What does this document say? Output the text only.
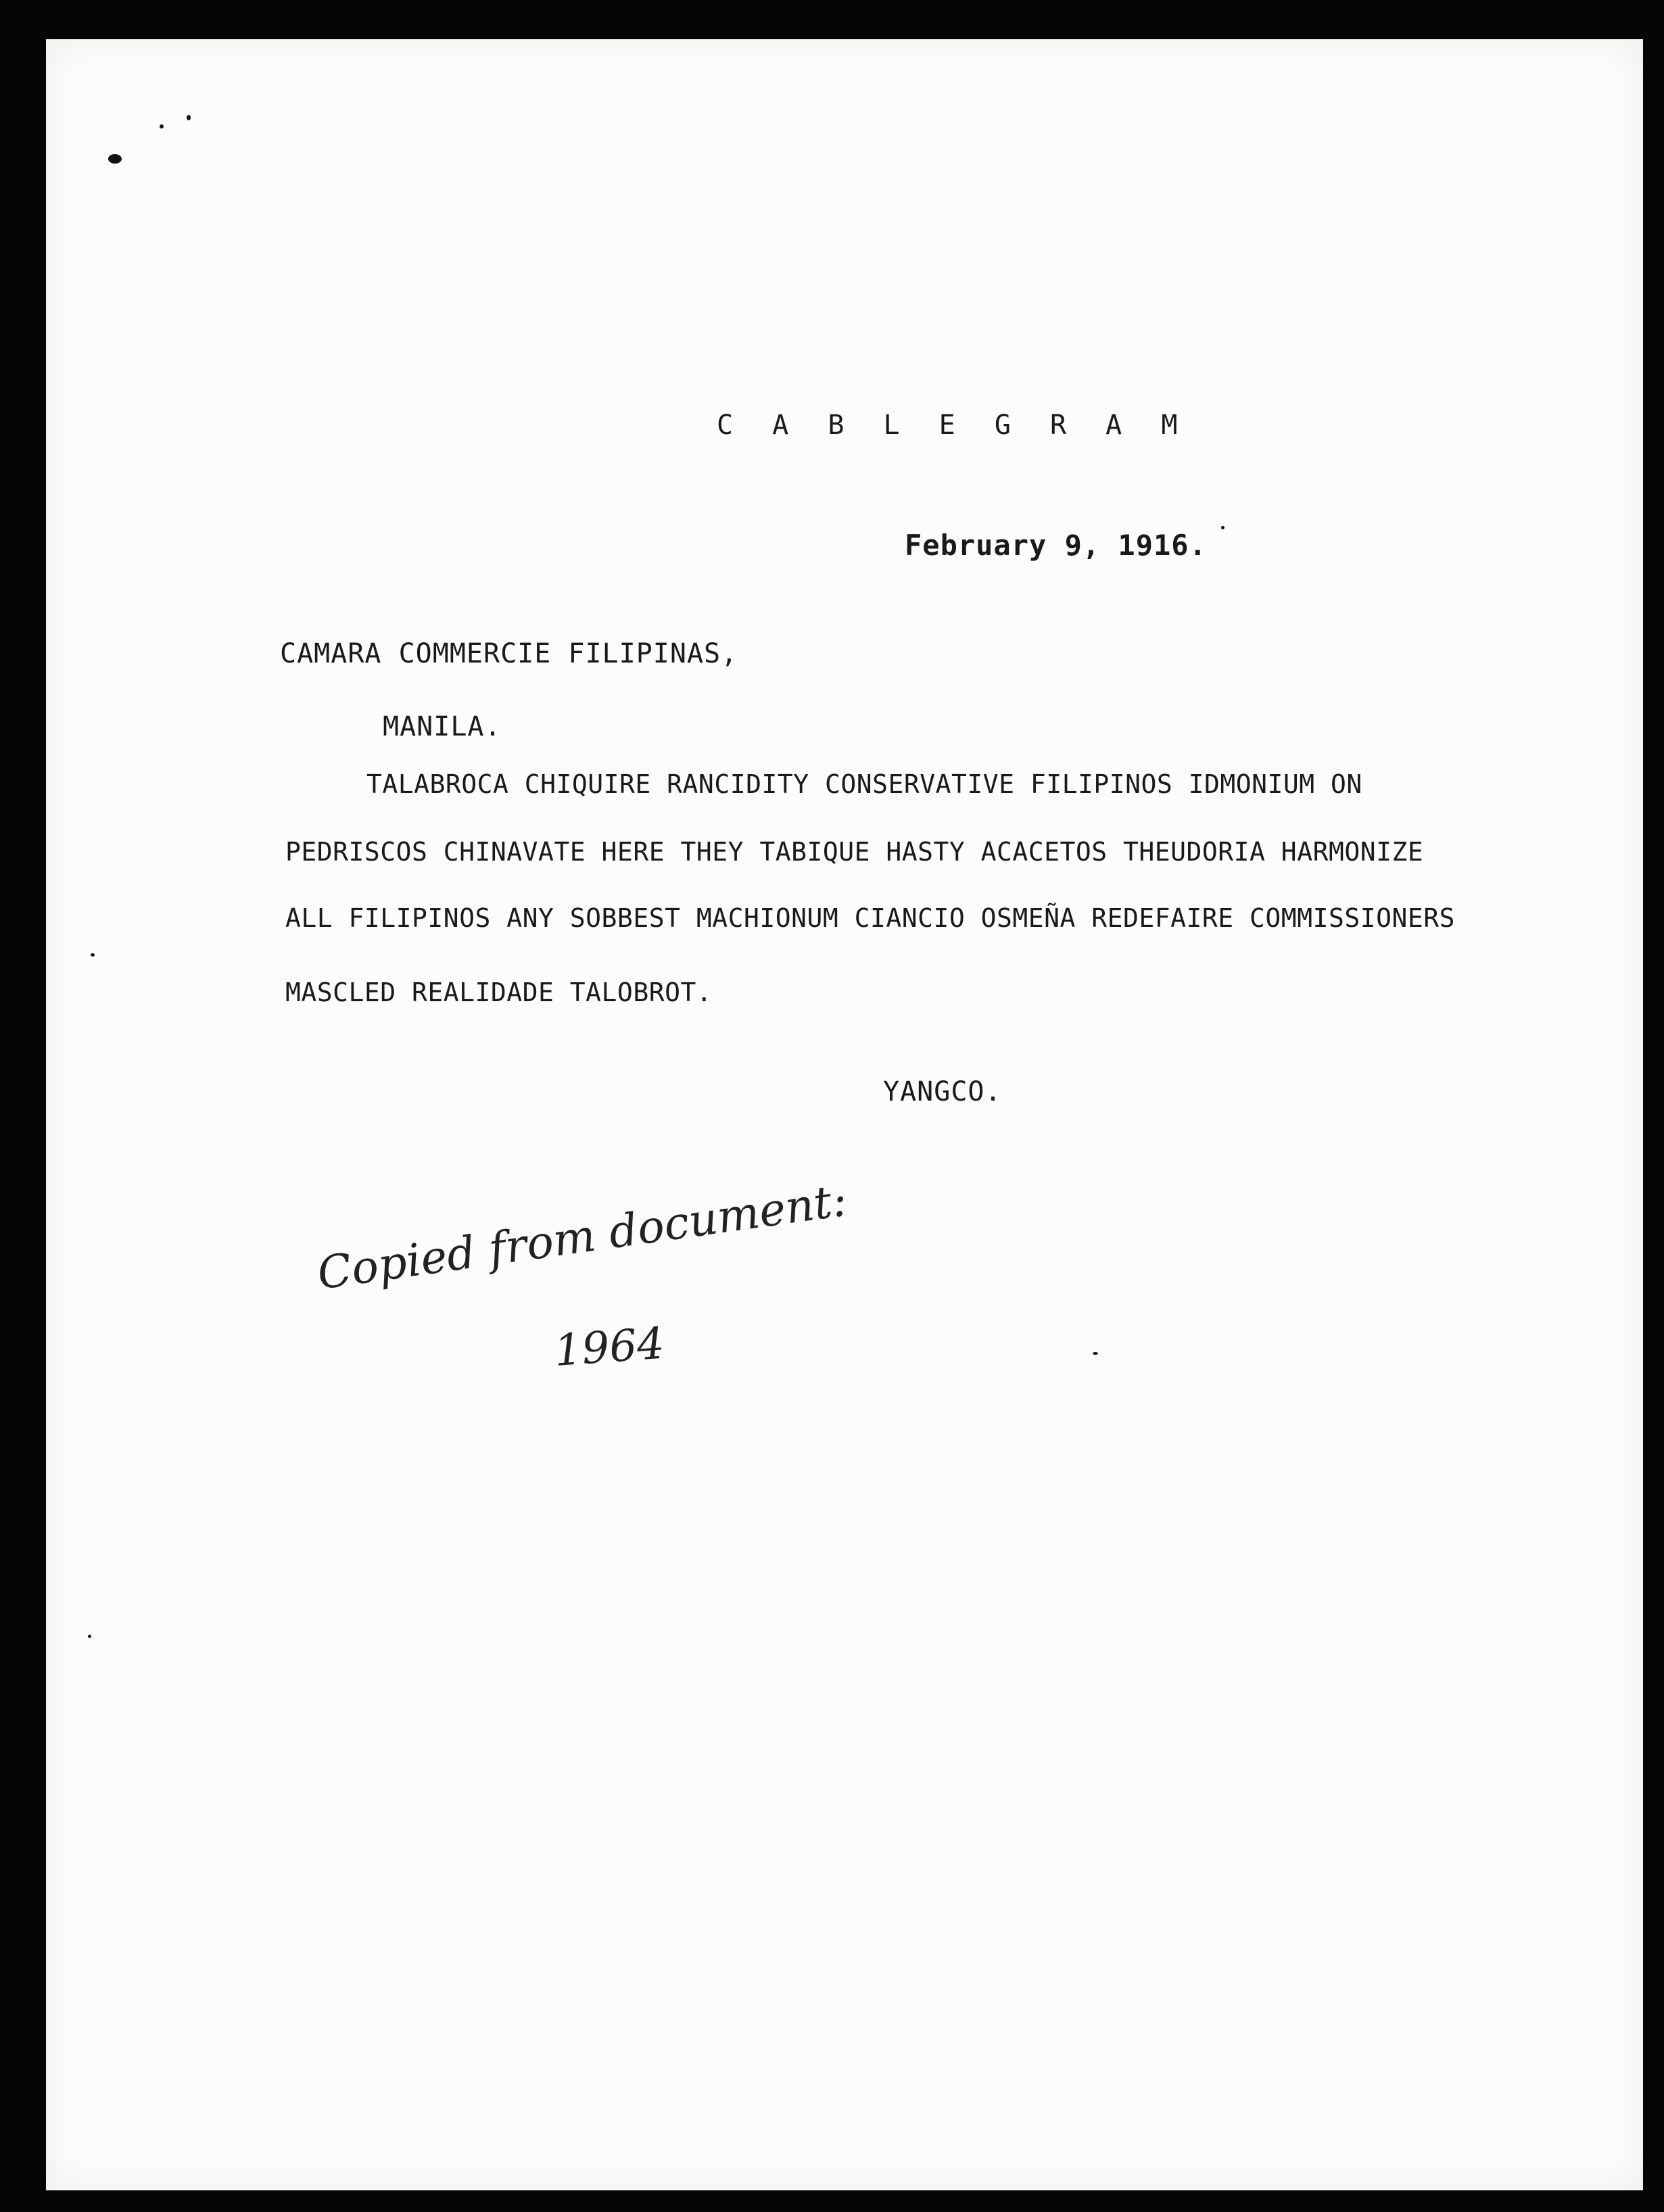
C A B L E G R A M
February 9, 1916.
CAMARA COMMERCIE FILIPINAS,
MANILA.
TALABROCA CHIQUIRE RANCIDITY CONSERVATIVE FILIPINOS IDMONIUM ON
PEDRISCOS CHINAVATE HERE THEY TABIQUE HASTY ACACETOS THEUDORIA HARMONIZE
ALL FILIPINOS ANY SOBBEST MACHIONUM CIANCIO OSMEÑA REDEFAIRE COMMISSIONERS
MASCLED REALIDADE TALOBROT.
YANGCO.
Copied from document:
1964
